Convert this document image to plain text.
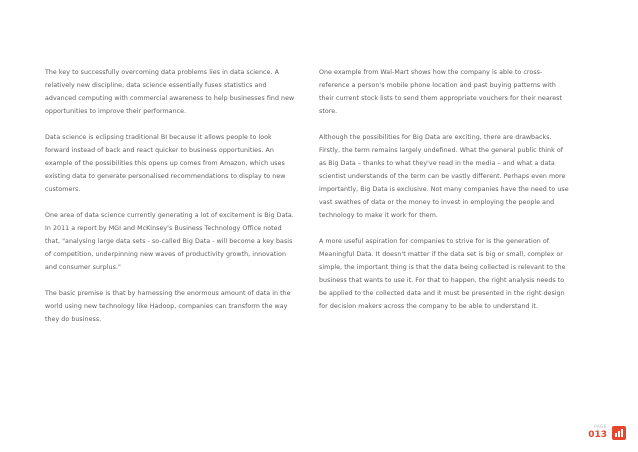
The key to successfully overcoming data problems lies in data science. A relatively new discipline, data science essentially fuses statistics and advanced computing with commercial awareness to help businesses find new opportunities to improve their performance.

Data science is eclipsing traditional BI because it allows people to look forward instead of back and react quicker to business opportunities. An example of the possibilities this opens up comes from Amazon, which uses existing data to generate personalised recommendations to display to new customers.

One area of data science currently generating a lot of excitement is Big Data. In 2011 a report by MGI and McKinsey's Business Technology Office noted that, "analysing large data sets - so-called Big Data - will become a key basis of competition, underpinning new waves of productivity growth, innovation and consumer surplus."

The basic premise is that by harnessing the enormous amount of data in the world using new technology like Hadoop, companies can transform the way they do business.

One example from Wal-Mart shows how the company is able to cross-reference a person's mobile phone location and past buying patterns with their current stock lists to send them appropriate vouchers for their nearest store.

Although the possibilities for Big Data are exciting, there are drawbacks. Firstly, the term remains largely undefined. What the general public think of as Big Data – thanks to what they've read in the media – and what a data scientist understands of the term can be vastly different. Perhaps even more importantly, Big Data is exclusive. Not many companies have the need to use vast swathes of data or the money to invest in employing the people and technology to make it work for them.

A more useful aspiration for companies to strive for is the generation of Meaningful Data. It doesn't matter if the data set is big or small, complex or simple, the important thing is that the data being collected is relevant to the business that wants to use it. For that to happen, the right analysis needs to be applied to the collected data and it must be presented in the right design for decision makers across the company to be able to understand it.

PAGE
013
